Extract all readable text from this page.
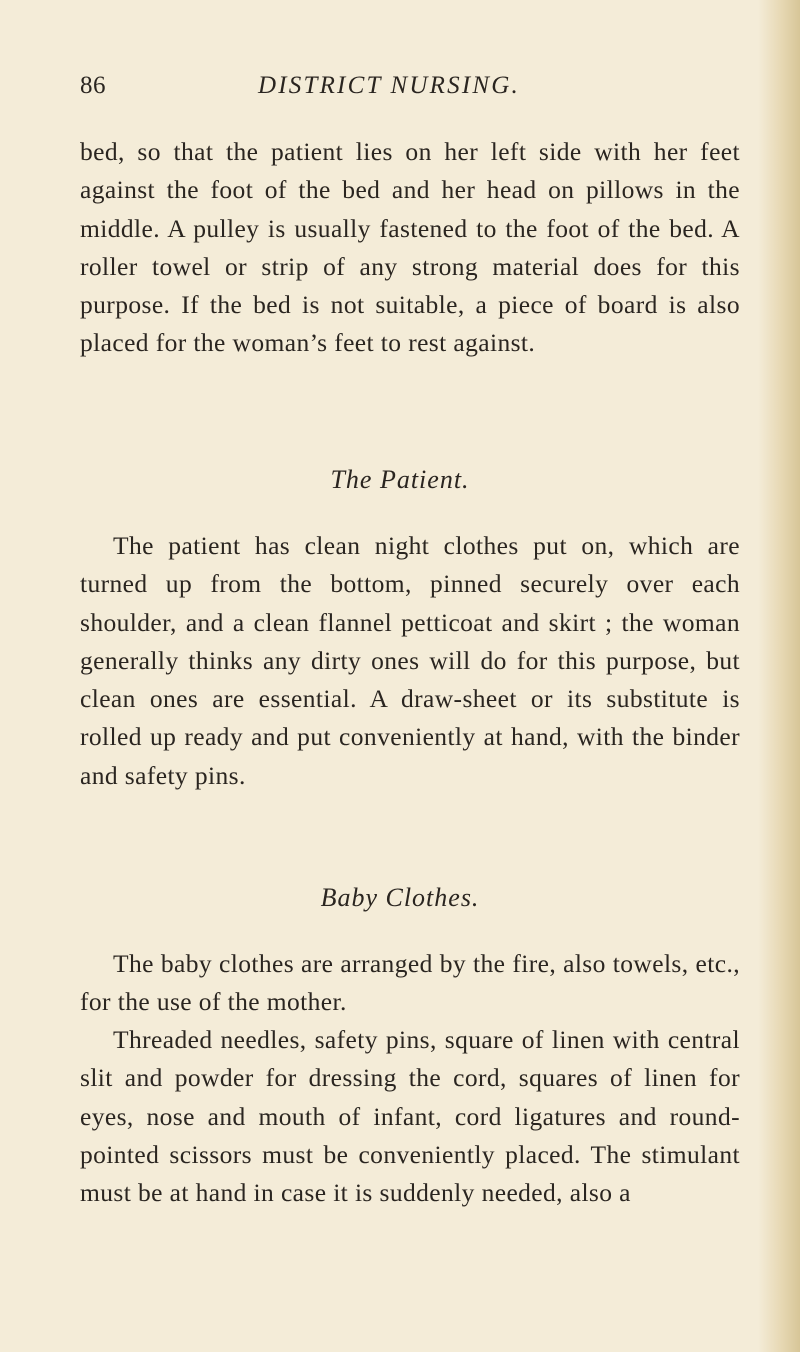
86	DISTRICT NURSING.

bed, so that the patient lies on her left side with her feet against the foot of the bed and her head on pillows in the middle. A pulley is usually fastened to the foot of the bed. A roller towel or strip of any strong material does for this purpose. If the bed is not suitable, a piece of board is also placed for the woman’s feet to rest against.

The Patient.

The patient has clean night clothes put on, which are turned up from the bottom, pinned securely over each shoulder, and a clean flannel petticoat and skirt ; the woman generally thinks any dirty ones will do for this purpose, but clean ones are essential. A draw-sheet or its substitute is rolled up ready and put conveniently at hand, with the binder and safety pins.

Baby Clothes.

The baby clothes are arranged by the fire, also towels, etc., for the use of the mother.

Threaded needles, safety pins, square of linen with central slit and powder for dressing the cord, squares of linen for eyes, nose and mouth of infant, cord ligatures and round-pointed scissors must be conveniently placed. The stimulant must be at hand in case it is suddenly needed, also a
